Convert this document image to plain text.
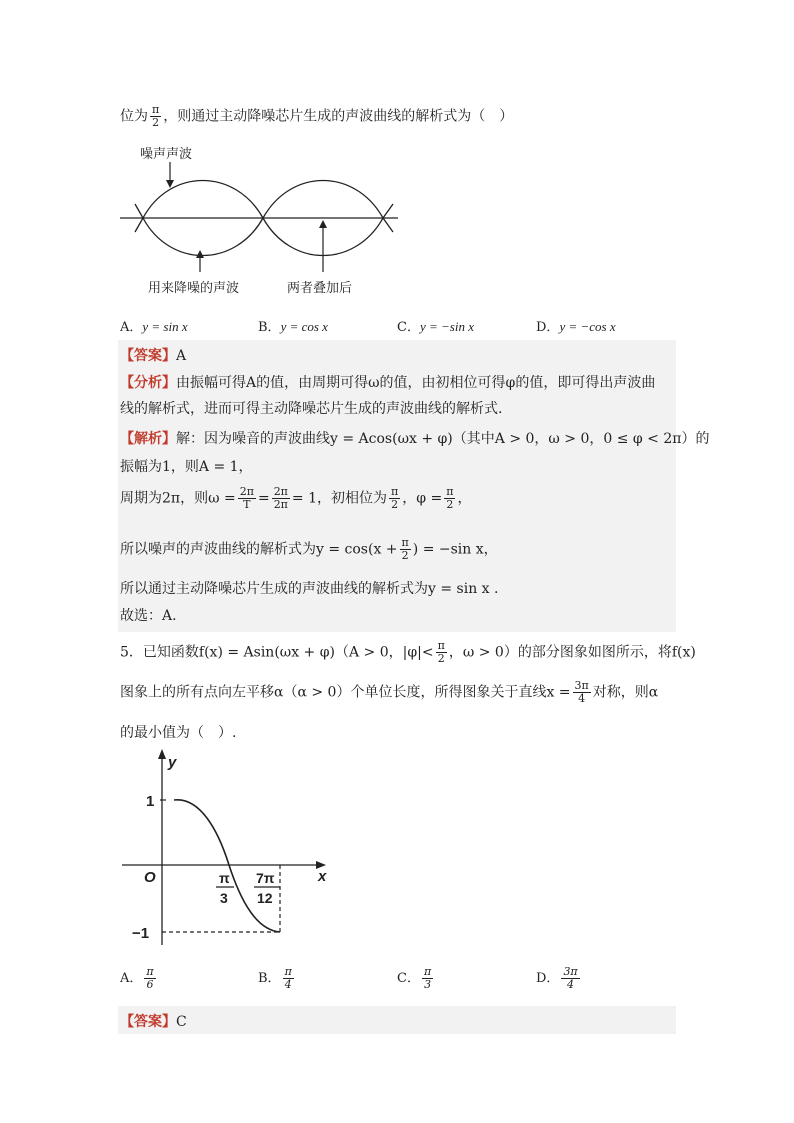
位为 $\frac{\pi}{2}$ ，则通过主动降噪芯片生成的声波曲线的解析式为（　）
噪声声波
用来降噪的声波	两者叠加后
A．y = sin x	B．y = cos x	C．y = −sin x	D．y = −cos x
【答案】A
【分析】由振幅可得A的值，由周期可得ω的值，由初相位可得φ的值，即可得出声波曲
线的解析式，进而可得主动降噪芯片生成的声波曲线的解析式.
【解析】解：因为噪音的声波曲线y = Acos(ωx + φ)（其中A > 0，ω > 0，0 ≤ φ < 2π）的
振幅为1，则A = 1，
周期为2π，则$\omega = \frac{2\pi}{T} = \frac{2\pi}{2\pi} = 1$，初相位为 $\frac{\pi}{2}$ ，$\varphi = \frac{\pi}{2}$ ，
所以噪声的声波曲线的解析式为$y = \cos(x + \frac{\pi}{2}$ ) = −sin x，
所以通过主动降噪芯片生成的声波曲线的解析式为y = sin x .
故选：A.
5．已知函数f(x) = Asin(ωx + φ)（A > 0，$|\varphi|< \frac{\pi}{2}$ ，ω > 0）的部分图象如图所示，将f(x)
图象上的所有点向左平移α（α > 0）个单位长度，所得图象关于直线$x = \frac{3\pi}{4}$ 对称，则α
的最小值为（　）.
y
x
O
1
−1
π
3
7π
12
A． $\frac{\pi}{6}$	B． $\frac{\pi}{4}$	C． $\frac{\pi}{3}$	D． $\frac{3\pi}{4}$
【答案】C
